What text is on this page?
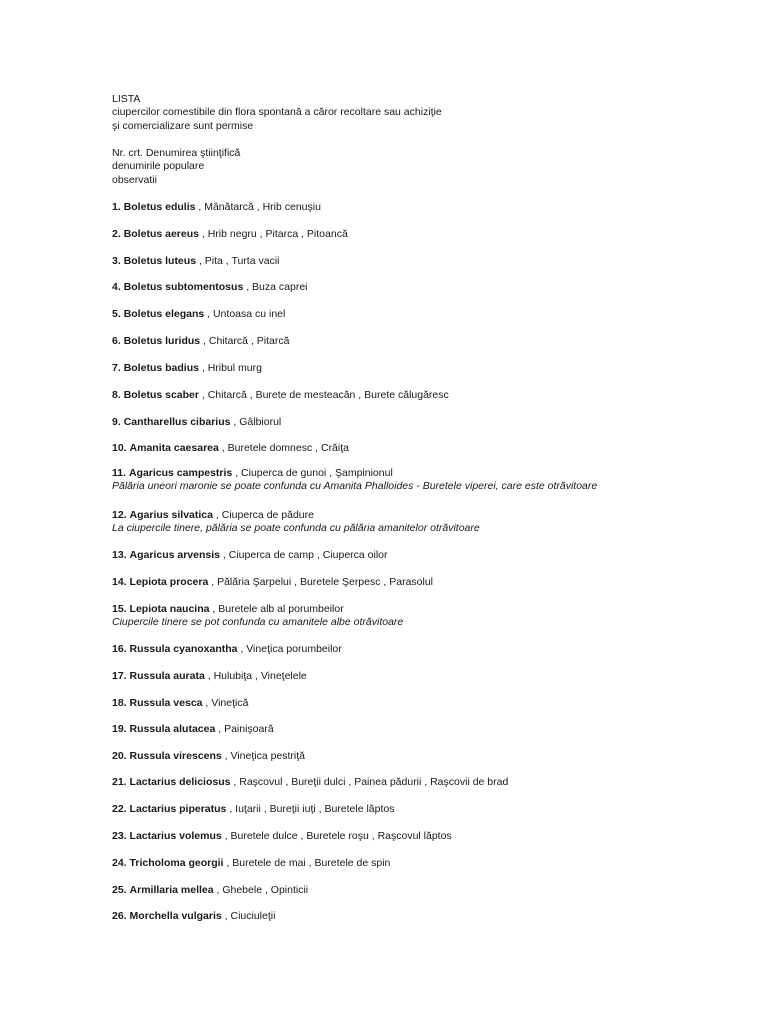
LISTA
ciupercilor comestibile din flora spontană a căror recoltare sau achiziţie
şi comercializare sunt permise
Nr. crt. Denumirea ştiinţifică
denumirile populare
observatii
1. Boletus edulis , Mânătarcă , Hrib cenuşiu
2. Boletus aereus , Hrib negru , Pitarca , Pitoancă
3. Boletus luteus , Pita , Turta vacii
4. Boletus subtomentosus , Buza caprei
5. Boletus elegans , Untoasa cu inel
6. Boletus luridus , Chitarcă , Pitarcă
7. Boletus badius , Hribul murg
8. Boletus scaber , Chitarcă , Burete de mesteacăn , Burete călugăresc
9. Cantharellus cibarius , Gâlbiorul
10. Amanita caesarea , Buretele domnesc , Crăiţa
11. Agaricus campestris , Ciuperca de gunoi , Şampinionul
Pălăria uneori maronie se poate confunda cu Amanita Phalloides - Buretele viperei, care este otrăvitoare
12. Agarius silvatica , Ciuperca de pădure
La ciupercile tinere, pălăria se poate confunda cu pălăria amanitelor otrăvitoare
13. Agaricus arvensis , Ciuperca de camp , Ciuperca oilor
14. Lepiota procera , Pălăria Şarpelui , Buretele Şerpesc , Parasolul
15. Lepiota naucina , Buretele alb al porumbeilor
Ciupercile tinere se pot confunda cu amanitele albe otrăvitoare
16. Russula cyanoxantha , Vineţica porumbeilor
17. Russula aurata , Hulubiţa , Vineţelele
18. Russula vesca , Vineţică
19. Russula alutacea , Painişoară
20. Russula virescens , Vineţica pestriţă
21. Lactarius deliciosus , Raşcovul , Bureţii dulci , Painea pădurii , Raşcovii de brad
22. Lactarius piperatus , Iuţarii , Bureţii iuţi , Buretele lăptos
23. Lactarius volemus , Buretele dulce , Buretele roşu , Raşcovul lăptos
24. Tricholoma georgii , Buretele de mai , Buretele de spin
25. Armillaria mellea , Ghebele , Opinticii
26. Morchella vulgaris , Ciuciuleţii
